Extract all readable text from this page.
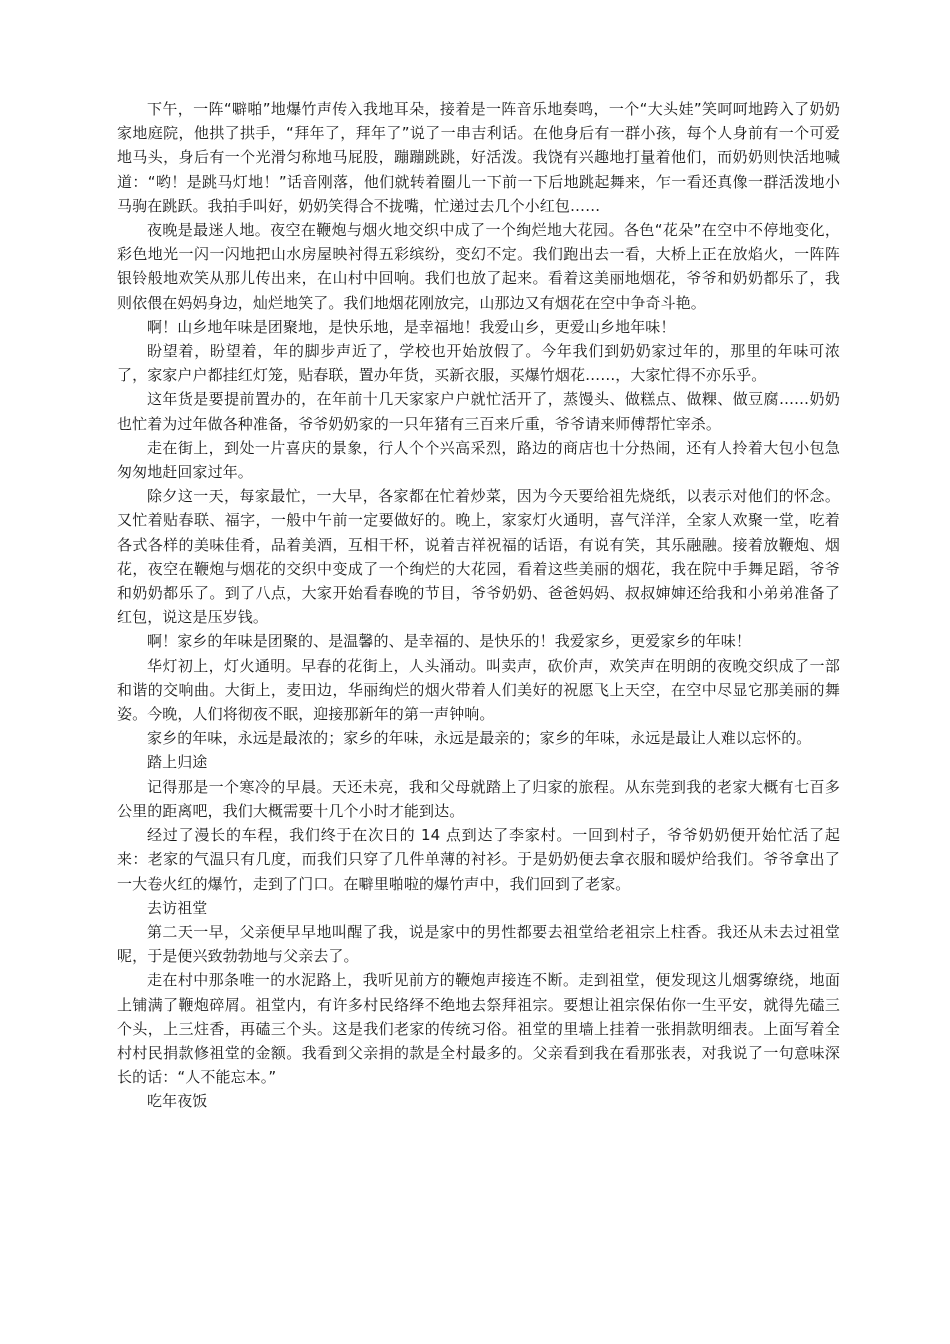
下午，一阵“噼啪”地爆竹声传入我地耳朵，接着是一阵音乐地奏鸣，一个“大头娃”笑呵呵地跨入了奶奶家地庭院，他拱了拱手，“拜年了，拜年了”说了一串吉利话。在他身后有一群小孩，每个人身前有一个可爱地马头，身后有一个光滑匀称地马屁股，蹦蹦跳跳，好活泼。我饶有兴趣地打量着他们，而奶奶则快活地喊道：“哟！是跳马灯地！”话音刚落，他们就转着圈儿一下前一下后地跳起舞来，乍一看还真像一群活泼地小马驹在跳跃。我拍手叫好，奶奶笑得合不拢嘴，忙递过去几个小红包……

夜晚是最迷人地。夜空在鞭炮与烟火地交织中成了一个绚烂地大花园。各色“花朵”在空中不停地变化，彩色地光一闪一闪地把山水房屋映衬得五彩缤纷，变幻不定。我们跑出去一看，大桥上正在放焰火，一阵阵银铃般地欢笑从那儿传出来，在山村中回响。我们也放了起来。看着这美丽地烟花，爷爷和奶奶都乐了，我则依偎在妈妈身边，灿烂地笑了。我们地烟花刚放完，山那边又有烟花在空中争奇斗艳。

啊！山乡地年味是团聚地，是快乐地，是幸福地！我爱山乡，更爱山乡地年味！

盼望着，盼望着，年的脚步声近了，学校也开始放假了。今年我们到奶奶家过年的，那里的年味可浓了，家家户户都挂红灯笼，贴春联，置办年货，买新衣服，买爆竹烟花……，大家忙得不亦乐乎。

这年货是要提前置办的，在年前十几天家家户户就忙活开了，蒸馒头、做糕点、做粿、做豆腐……奶奶也忙着为过年做各种准备，爷爷奶奶家的一只年猪有三百来斤重，爷爷请来师傅帮忙宰杀。

走在街上，到处一片喜庆的景象，行人个个兴高采烈，路边的商店也十分热闹，还有人拎着大包小包急匆匆地赶回家过年。

除夕这一天，每家最忙，一大早，各家都在忙着炒菜，因为今天要给祖先烧纸，以表示对他们的怀念。又忙着贴春联、福字，一般中午前一定要做好的。晚上，家家灯火通明，喜气洋洋，全家人欢聚一堂，吃着各式各样的美味佳肴，品着美酒，互相干杯，说着吉祥祝福的话语，有说有笑，其乐融融。接着放鞭炮、烟花，夜空在鞭炮与烟花的交织中变成了一个绚烂的大花园，看着这些美丽的烟花，我在院中手舞足蹈，爷爷和奶奶都乐了。到了八点，大家开始看春晚的节目，爷爷奶奶、爸爸妈妈、叔叔婶婶还给我和小弟弟准备了红包，说这是压岁钱。

啊！家乡的年味是团聚的、是温馨的、是幸福的、是快乐的！我爱家乡，更爱家乡的年味！

华灯初上，灯火通明。早春的花街上，人头涌动。叫卖声，砍价声，欢笑声在明朗的夜晚交织成了一部和谐的交响曲。大街上，麦田边，华丽绚烂的烟火带着人们美好的祝愿飞上天空，在空中尽显它那美丽的舞姿。今晚，人们将彻夜不眠，迎接那新年的第一声钟响。

家乡的年味，永远是最浓的；家乡的年味，永远是最亲的；家乡的年味，永远是最让人难以忘怀的。

踏上归途

记得那是一个寒冷的早晨。天还未亮，我和父母就踏上了归家的旅程。从东莞到我的老家大概有七百多公里的距离吧，我们大概需要十几个小时才能到达。

经过了漫长的车程，我们终于在次日的 14 点到达了李家村。一回到村子，爷爷奶奶便开始忙活了起来：老家的气温只有几度，而我们只穿了几件单薄的衬衫。于是奶奶便去拿衣服和暖炉给我们。爷爷拿出了一大卷火红的爆竹，走到了门口。在噼里啪啦的爆竹声中，我们回到了老家。

去访祖堂

第二天一早，父亲便早早地叫醒了我，说是家中的男性都要去祖堂给老祖宗上柱香。我还从未去过祖堂呢，于是便兴致勃勃地与父亲去了。

走在村中那条唯一的水泥路上，我听见前方的鞭炮声接连不断。走到祖堂，便发现这儿烟雾缭绕，地面上铺满了鞭炮碎屑。祖堂内，有许多村民络绎不绝地去祭拜祖宗。要想让祖宗保佑你一生平安，就得先磕三个头，上三炷香，再磕三个头。这是我们老家的传统习俗。祖堂的里墙上挂着一张捐款明细表。上面写着全村村民捐款修祖堂的金额。我看到父亲捐的款是全村最多的。父亲看到我在看那张表，对我说了一句意味深长的话：“人不能忘本。”

吃年夜饭
